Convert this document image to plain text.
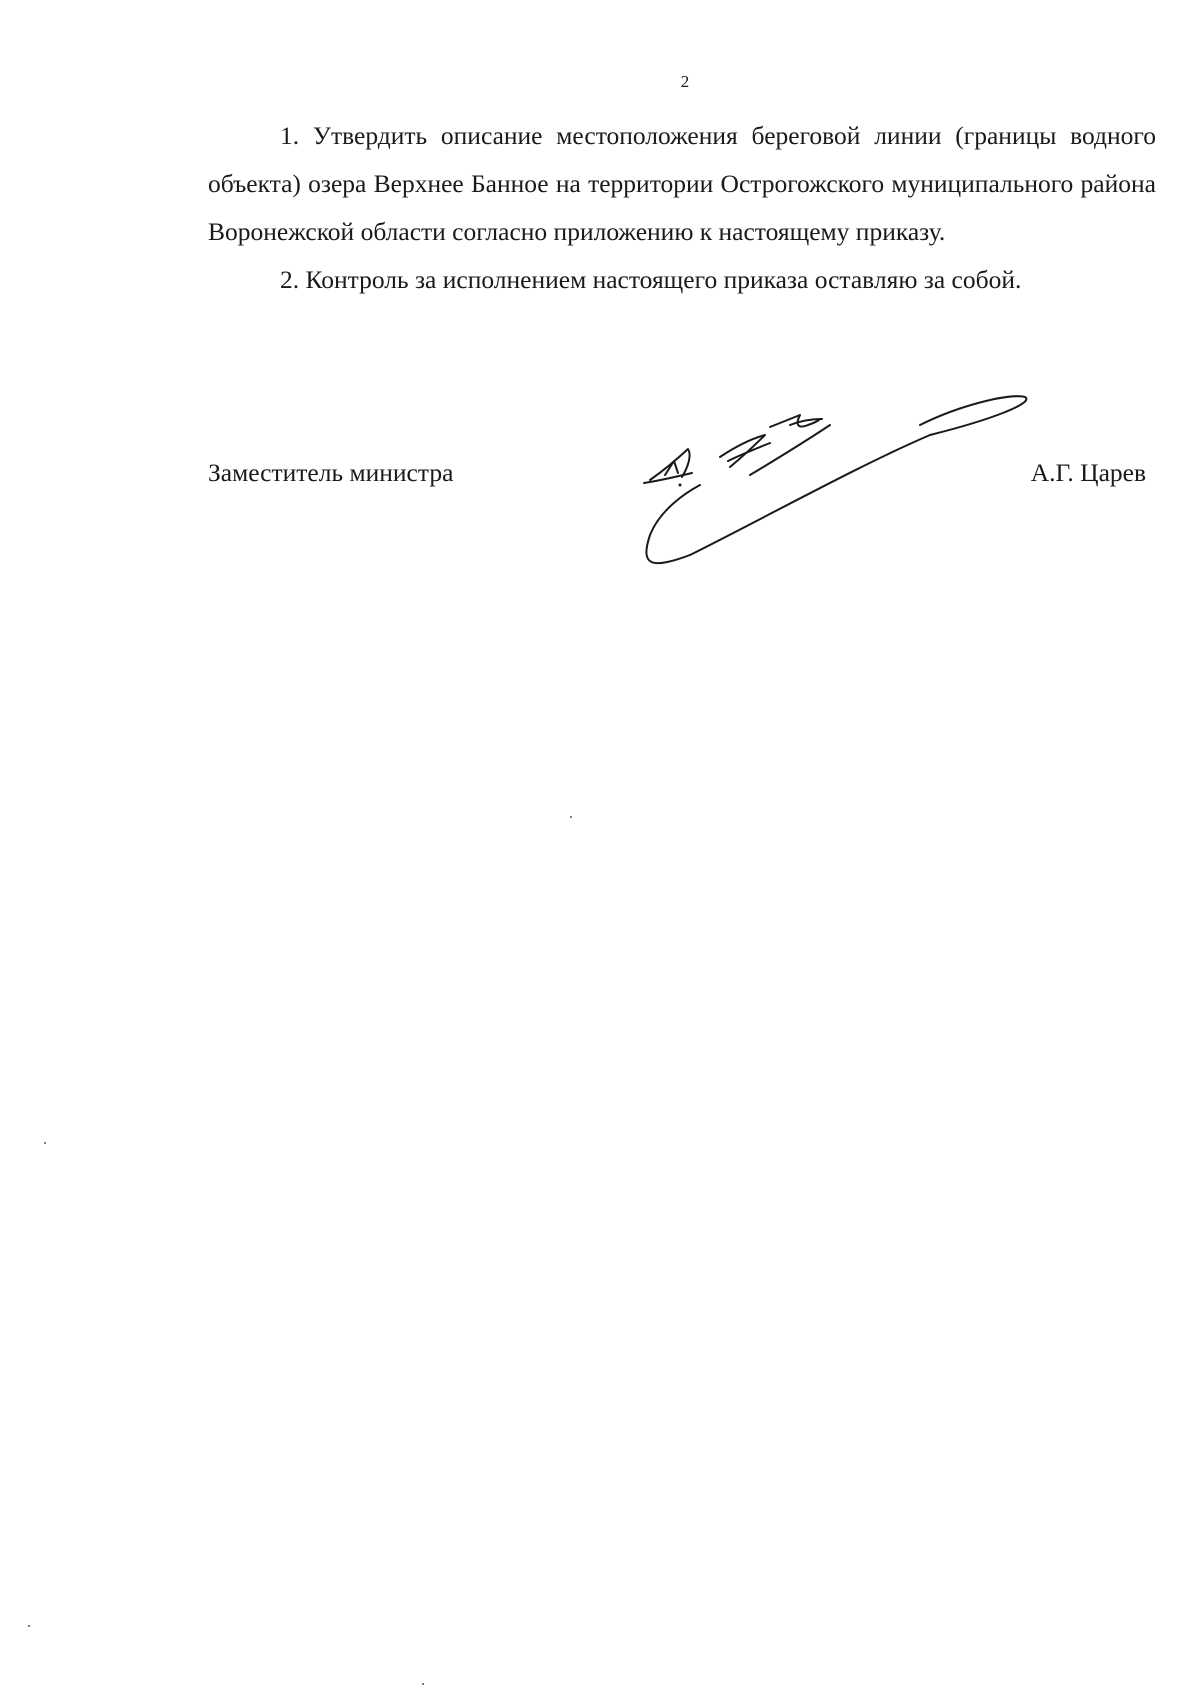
2

1. Утвердить описание местоположения береговой линии (границы водного объекта) озера Верхнее Банное на территории Острогожского муниципального района Воронежской области согласно приложению к настоящему приказу.

2. Контроль за исполнением настоящего приказа оставляю за собой.

Заместитель министра	А.Г. Царев
